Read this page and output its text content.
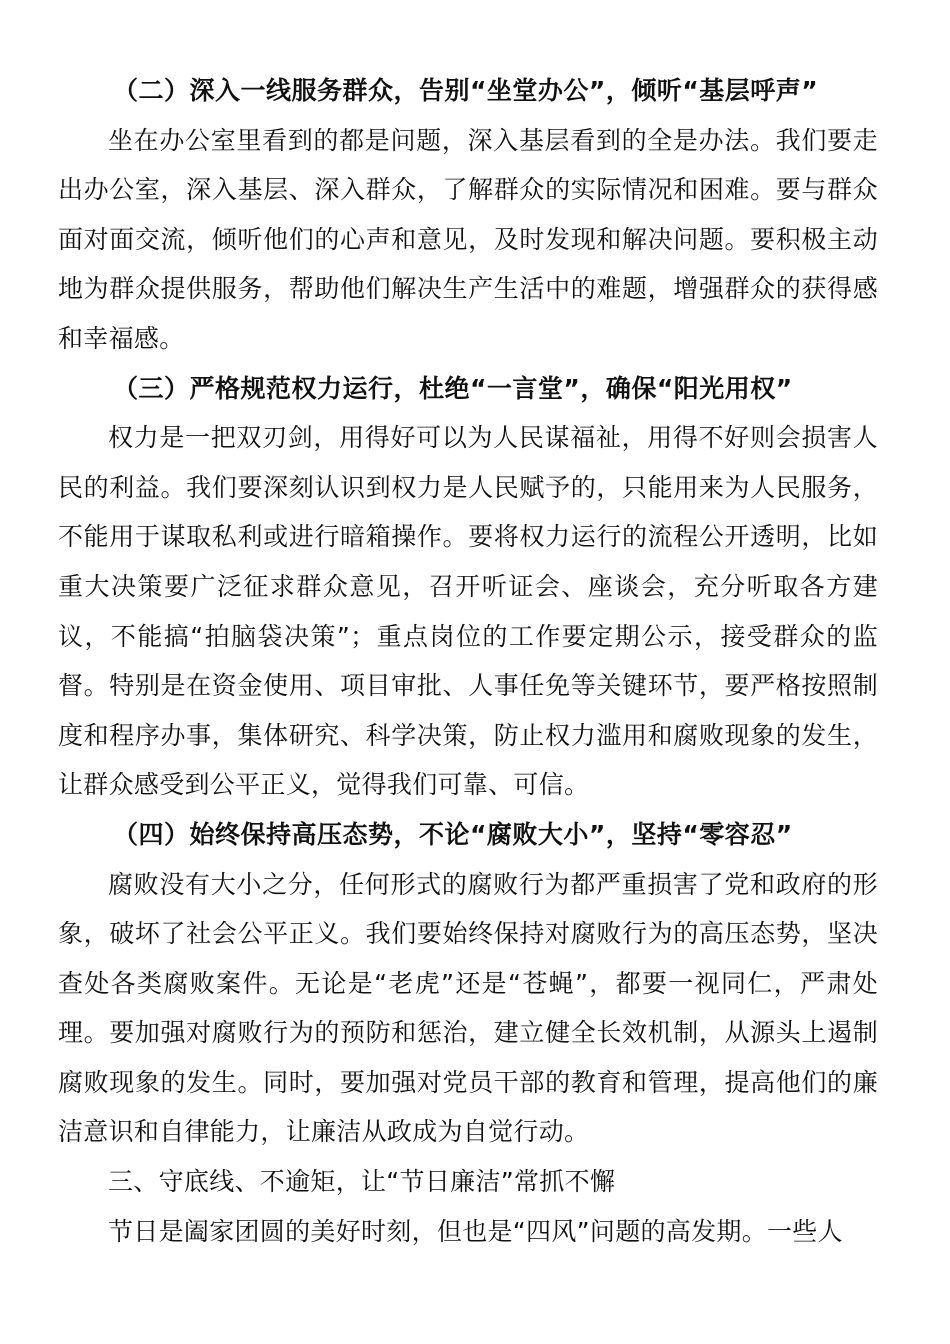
（二）深入一线服务群众，告别“坐堂办公”，倾听“基层呼声”

坐在办公室里看到的都是问题，深入基层看到的全是办法。我们要走出办公室，深入基层、深入群众，了解群众的实际情况和困难。要与群众面对面交流，倾听他们的心声和意见，及时发现和解决问题。要积极主动地为群众提供服务，帮助他们解决生产生活中的难题，增强群众的获得感和幸福感。

（三）严格规范权力运行，杜绝“一言堂”，确保“阳光用权”

权力是一把双刃剑，用得好可以为人民谋福祉，用得不好则会损害人民的利益。我们要深刻认识到权力是人民赋予的，只能用来为人民服务，不能用于谋取私利或进行暗箱操作。要将权力运行的流程公开透明，比如重大决策要广泛征求群众意见，召开听证会、座谈会，充分听取各方建议，不能搞“拍脑袋决策”；重点岗位的工作要定期公示，接受群众的监督。特别是在资金使用、项目审批、人事任免等关键环节，要严格按照制度和程序办事，集体研究、科学决策，防止权力滥用和腐败现象的发生，让群众感受到公平正义，觉得我们可靠、可信。

（四）始终保持高压态势，不论“腐败大小”，坚持“零容忍”

腐败没有大小之分，任何形式的腐败行为都严重损害了党和政府的形象，破坏了社会公平正义。我们要始终保持对腐败行为的高压态势，坚决查处各类腐败案件。无论是“老虎”还是“苍蝇”，都要一视同仁，严肃处理。要加强对腐败行为的预防和惩治，建立健全长效机制，从源头上遏制腐败现象的发生。同时，要加强对党员干部的教育和管理，提高他们的廉洁意识和自律能力，让廉洁从政成为自觉行动。

三、守底线、不逾矩，让“节日廉洁”常抓不懈

节日是阖家团圆的美好时刻，但也是“四风”问题的高发期。一些人
